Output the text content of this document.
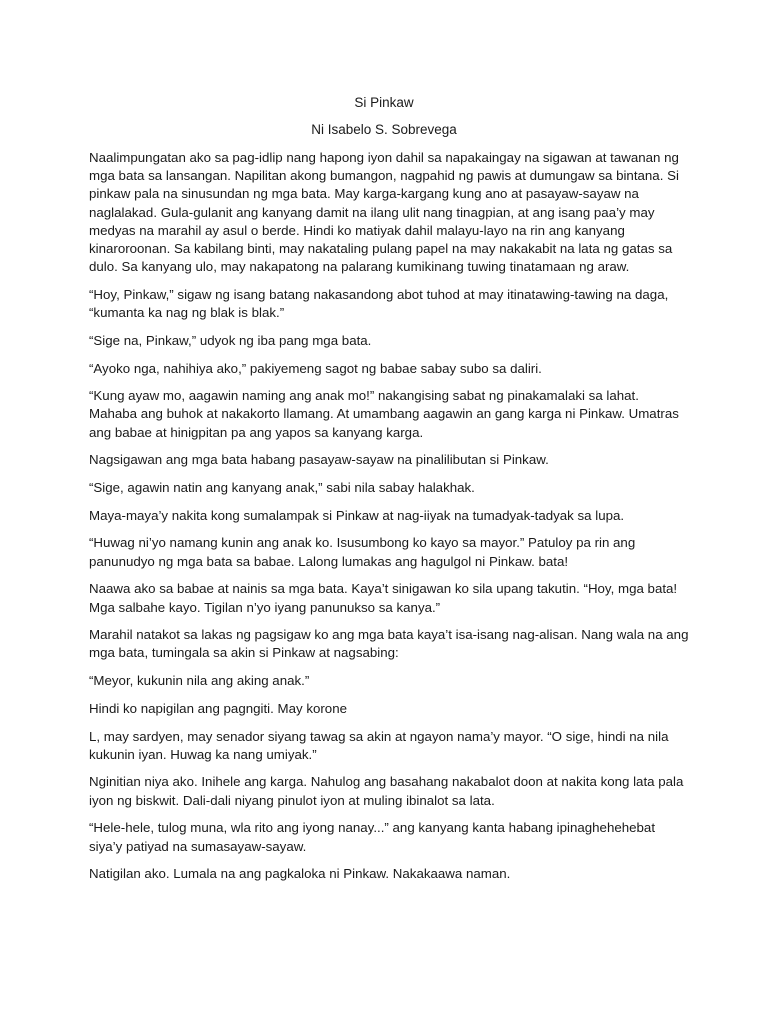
Si Pinkaw
Ni Isabelo S. Sobrevega

Naalimpungatan ako sa pag-idlip nang hapong iyon dahil sa napakaingay na sigawan at tawanan ng mga bata sa lansangan. Napilitan akong bumangon, nagpahid ng pawis at dumungaw sa bintana. Si pinkaw pala na sinusundan ng mga bata. May karga-kargang kung ano at pasayaw-sayaw na naglalakad. Gula-gulanit ang kanyang damit na ilang ulit nang tinagpian, at ang isang paa’y may medyas na marahil ay asul o berde. Hindi ko matiyak dahil malayu-layo na rin ang kanyang kinaroroonan. Sa kabilang binti, may nakataling pulang papel na may nakakabit na lata ng gatas sa dulo. Sa kanyang ulo, may nakapatong na palarang kumikinang tuwing tinatamaan ng araw.

“Hoy, Pinkaw,” sigaw ng isang batang nakasandong abot tuhod at may itinatawing-tawing na daga, “kumanta ka nag ng blak is blak.”

“Sige na, Pinkaw,” udyok ng iba pang mga bata.

“Ayoko nga, nahihiya ako,” pakiyemeng sagot ng babae sabay subo sa daliri.

“Kung ayaw mo, aagawin naming ang anak mo!” nakangising sabat ng pinakamalaki sa lahat. Mahaba ang buhok at nakakorto llamang. At umambang aagawin an gang karga ni Pinkaw. Umatras ang babae at hinigpitan pa ang yapos sa kanyang karga.

Nagsigawan ang mga bata habang pasayaw-sayaw na pinalilibutan si Pinkaw.

“Sige, agawin natin ang kanyang anak,” sabi nila sabay halakhak.

Maya-maya’y nakita kong sumalampak si Pinkaw at nag-iiyak na tumadyak-tadyak sa lupa.

“Huwag ni’yo namang kunin ang anak ko. Isusumbong ko kayo sa mayor.” Patuloy pa rin ang panunudyo ng mga bata sa babae. Lalong lumakas ang hagulgol ni Pinkaw. bata!

Naawa ako sa babae at nainis sa mga bata. Kaya’t sinigawan ko sila upang takutin. “Hoy, mga bata! Mga salbahe kayo. Tigilan n’yo iyang panunukso sa kanya.”

Marahil natakot sa lakas ng pagsigaw ko ang mga bata kaya’t isa-isang nag-alisan. Nang wala na ang mga bata, tumingala sa akin si Pinkaw at nagsabing:

“Meyor, kukunin nila ang aking anak.”

Hindi ko napigilan ang pagngiti. May korone

L, may sardyen, may senador siyang tawag sa akin at ngayon nama’y mayor. “O sige, hindi na nila kukunin iyan. Huwag ka nang umiyak.”

Nginitian niya ako. Inihele ang karga. Nahulog ang basahang nakabalot doon at nakita kong lata pala iyon ng biskwit. Dali-dali niyang pinulot iyon at muling ibinalot sa lata.

“Hele-hele, tulog muna, wla rito ang iyong nanay...” ang kanyang kanta habang ipinaghehehebat siya’y patiyad na sumasayaw-sayaw.

Natigilan ako. Lumala na ang pagkaloka ni Pinkaw. Nakakaawa naman.
